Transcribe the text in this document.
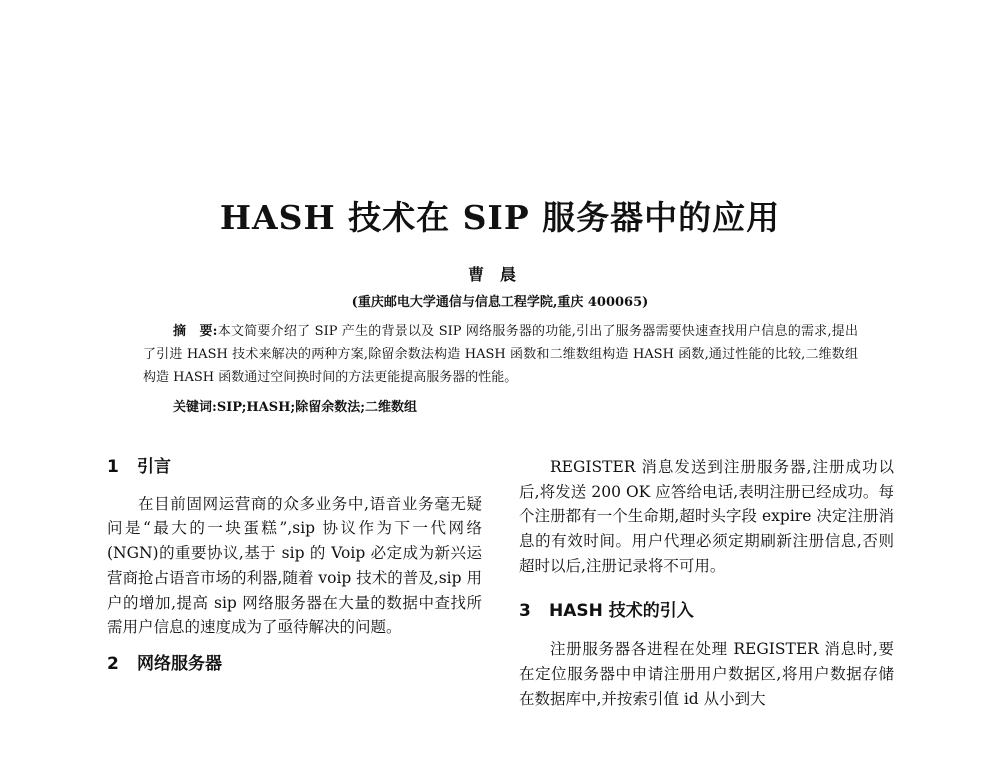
HASH 技术在 SIP 服务器中的应用
曹晨
(重庆邮电大学通信与信息工程学院,重庆 400065)

摘　要:本文简要介绍了 SIP 产生的背景以及 SIP 网络服务器的功能,引出了服务器需要快速查找用户信息的需求,提出了引进 HASH 技术来解决的两种方案,除留余数法构造 HASH 函数和二维数组构造 HASH 函数,通过性能的比较,二维数组构造 HASH 函数通过空间换时间的方法更能提高服务器的性能。

关键词:SIP;HASH;除留余数法;二维数组
1 引言

在目前固网运营商的众多业务中,语音业务毫无疑问是“最大的一块蛋糕”,sip 协议作为下一代网络(NGN)的重要协议,基于 sip 的 Voip 必定成为新兴运营商抢占语音市场的利器,随着 voip 技术的普及,sip 用户的增加,提高 sip 网络服务器在大量的数据中查找所需用户信息的速度成为了亟待解决的问题。

2 网络服务器

REGISTER 消息发送到注册服务器,注册成功以后,将发送 200 OK 应答给电话,表明注册已经成功。每个注册都有一个生命期,超时头字段 expire 决定注册消息的有效时间。用户代理必须定期刷新注册信息,否则超时以后,注册记录将不可用。

3 HASH 技术的引入

注册服务器各进程在处理 REGISTER 消息时,要在定位服务器中申请注册用户数据区,将用户数据存储在数据库中,并按索引值 id 从小到大
